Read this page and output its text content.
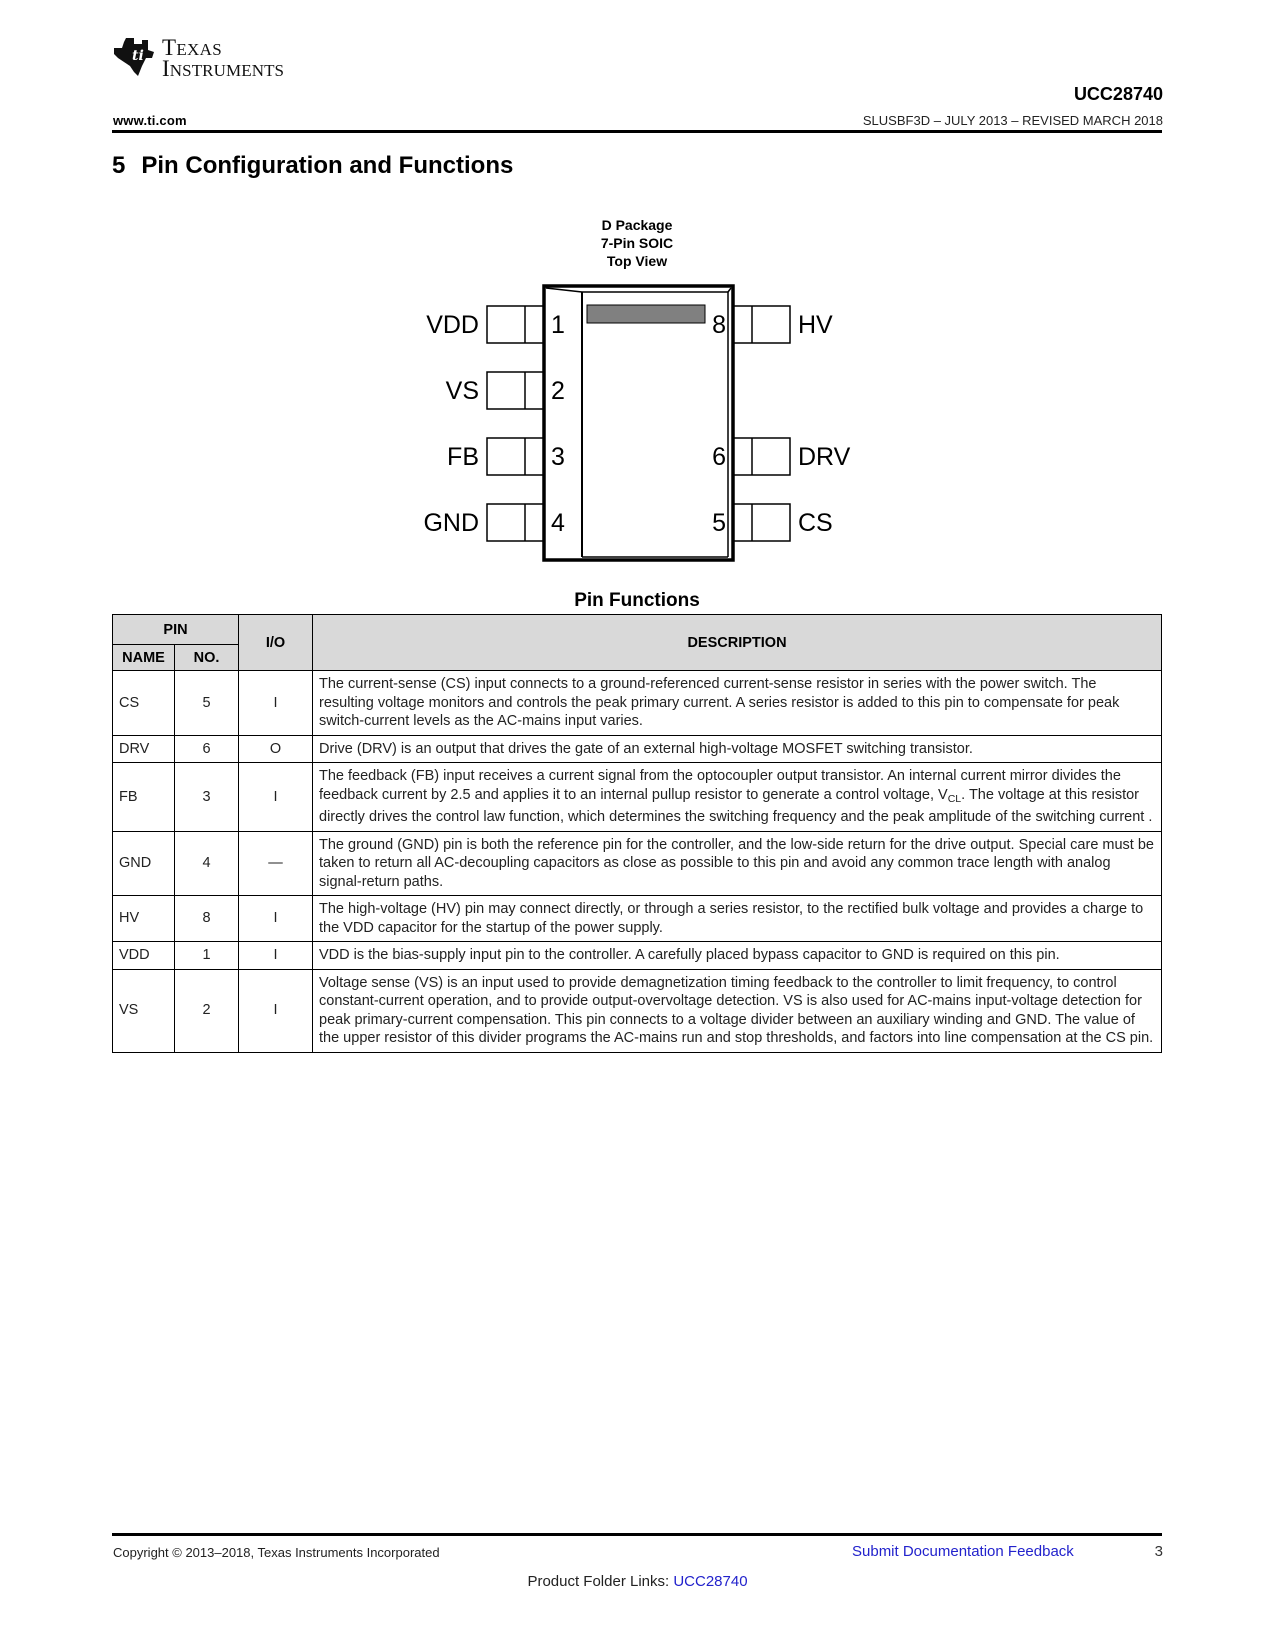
ti TEXAS
INSTRUMENTS
UCC28740
www.ti.com	SLUSBF3D – JULY 2013 – REVISED MARCH 2018
5 Pin Configuration and Functions
D Package
7-Pin SOIC
Top View
VDD
VS
FB
GND
1
2
3
4
8
6
5
HV
DRV
CS
Pin Functions
PIN		I/O	DESCRIPTION
NAME	NO.		
CS	5	I	The current-sense (CS) input connects to a ground-referenced current-sense resistor in series with the power switch. The resulting voltage monitors and controls the peak primary current. A series resistor is added to this pin to compensate for peak switch-current levels as the AC-mains input varies.
DRV	6	O	Drive (DRV) is an output that drives the gate of an external high-voltage MOSFET switching transistor.
FB	3	I	The feedback (FB) input receives a current signal from the optocoupler output transistor. An internal current mirror divides the feedback current by 2.5 and applies it to an internal pullup resistor to generate a control voltage, $V_{CL}$. The voltage at this resistor directly drives the control law function, which determines the switching frequency and the peak amplitude of the switching current .
GND	4	—	The ground (GND) pin is both the reference pin for the controller, and the low-side return for the drive output. Special care must be taken to return all AC-decoupling capacitors as close as possible to this pin and avoid any common trace length with analog signal-return paths.
HV	8	I	The high-voltage (HV) pin may connect directly, or through a series resistor, to the rectified bulk voltage and provides a charge to the VDD capacitor for the startup of the power supply.
VDD	1	I	VDD is the bias-supply input pin to the controller. A carefully placed bypass capacitor to GND is required on this pin.
VS	2	I	Voltage sense (VS) is an input used to provide demagnetization timing feedback to the controller to limit frequency, to control constant-current operation, and to provide output-overvoltage detection. VS is also used for AC-mains input-voltage detection for peak primary-current compensation. This pin connects to a voltage divider between an auxiliary winding and GND. The value of the upper resistor of this divider programs the AC-mains run and stop thresholds, and factors into line compensation at the CS pin.
Copyright © 2013–2018, Texas Instruments Incorporated	Submit Documentation Feedback	3
Product Folder Links: UCC28740
